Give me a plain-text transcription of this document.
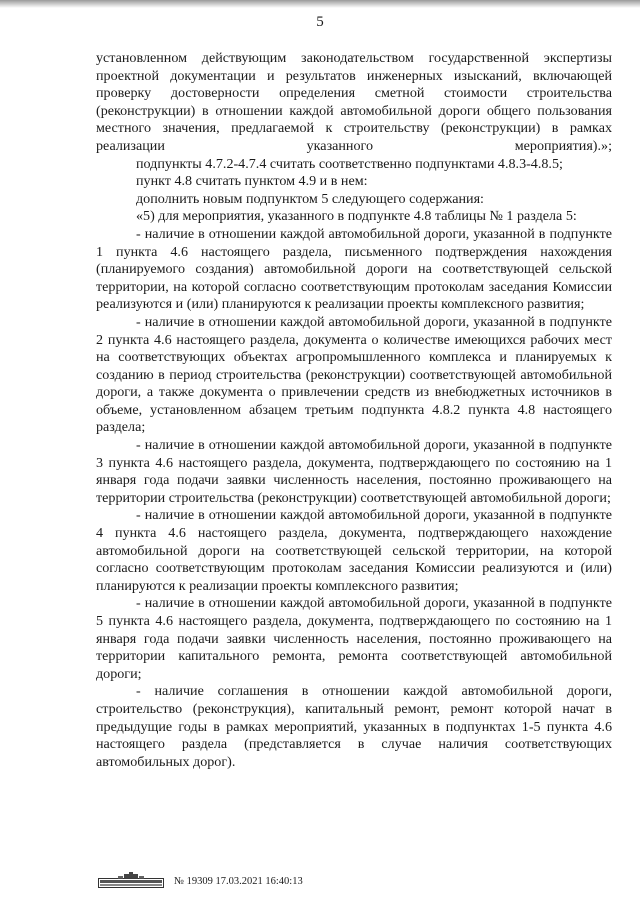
5

установленном действующим законодательством государственной экспертизы проектной документации и результатов инженерных изысканий, включающей проверку достоверности определения сметной стоимости строительства (реконструкции) в отношении каждой автомобильной дороги общего пользования местного значения, предлагаемой к строительству (реконструкции) в рамках реализации указанного мероприятия).»;

подпункты 4.7.2-4.7.4 считать соответственно подпунктами 4.8.3-4.8.5;

пункт 4.8 считать пунктом 4.9 и в нем:

дополнить новым подпунктом 5 следующего содержания:

«5) для мероприятия, указанного в подпункте 4.8 таблицы № 1 раздела 5:

- наличие в отношении каждой автомобильной дороги, указанной в подпункте 1 пункта 4.6 настоящего раздела, письменного подтверждения нахождения (планируемого создания) автомобильной дороги на соответствующей сельской территории, на которой согласно соответствующим протоколам заседания Комиссии реализуются и (или) планируются к реализации проекты комплексного развития;

- наличие в отношении каждой автомобильной дороги, указанной в подпункте 2 пункта 4.6 настоящего раздела, документа о количестве имеющихся рабочих мест на соответствующих объектах агропромышленного комплекса и планируемых к созданию в период строительства (реконструкции) соответствующей автомобильной дороги, а также документа о привлечении средств из внебюджетных источников в объеме, установленном абзацем третьим подпункта 4.8.2 пункта 4.8 настоящего раздела;

- наличие в отношении каждой автомобильной дороги, указанной в подпункте 3 пункта 4.6 настоящего раздела, документа, подтверждающего по состоянию на 1 января года подачи заявки численность населения, постоянно проживающего на территории строительства (реконструкции) соответствующей автомобильной дороги;

- наличие в отношении каждой автомобильной дороги, указанной в подпункте 4 пункта 4.6 настоящего раздела, документа, подтверждающего нахождение автомобильной дороги на соответствующей сельской территории, на которой согласно соответствующим протоколам заседания Комиссии реализуются и (или) планируются к реализации проекты комплексного развития;

- наличие в отношении каждой автомобильной дороги, указанной в подпункте 5 пункта 4.6 настоящего раздела, документа, подтверждающего по состоянию на 1 января года подачи заявки численность населения, постоянно проживающего на территории капитального ремонта, ремонта соответствующей автомобильной дороги;

- наличие соглашения в отношении каждой автомобильной дороги, строительство (реконструкция), капитальный ремонт, ремонт которой начат в предыдущие годы в рамках мероприятий, указанных в подпунктах 1-5 пункта 4.6 настоящего раздела (представляется в случае наличия соответствующих автомобильных дорог).

№ 19309 17.03.2021 16:40:13
